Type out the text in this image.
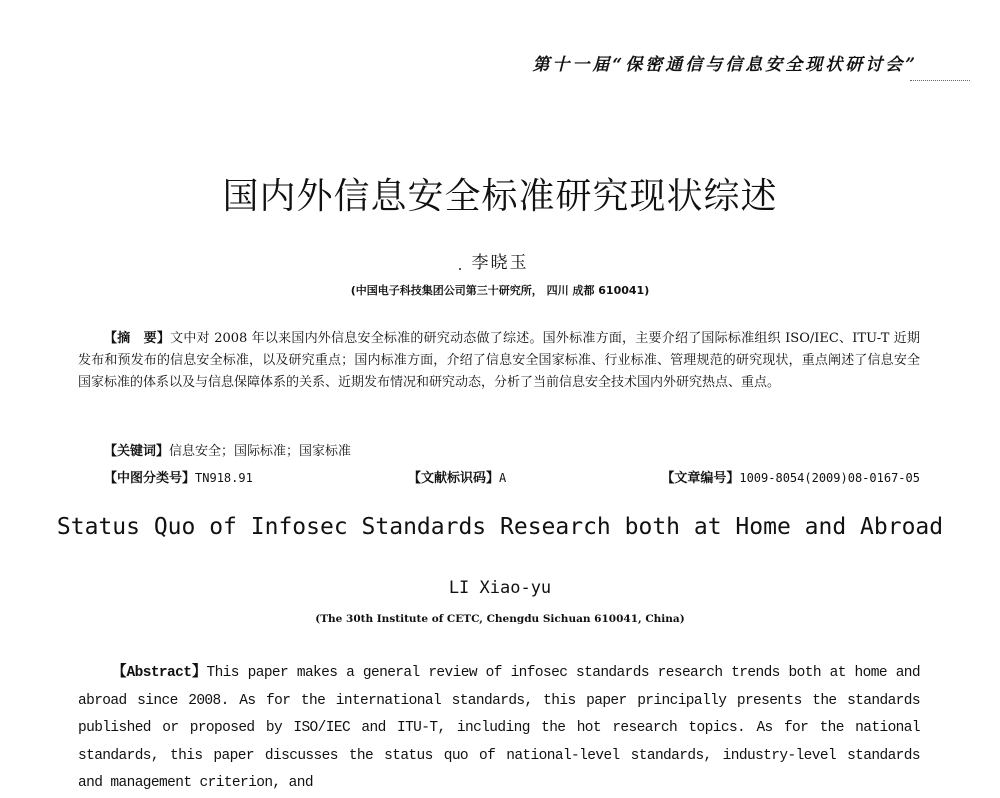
第十一届“保密通信与信息安全现状研讨会”
国内外信息安全标准研究现状综述
李晓玉
(中国电子科技集团公司第三十研究所， 四川 成都 610041)
【摘　要】文中对 2008 年以来国内外信息安全标准的研究动态做了综述。国外标准方面，主要介绍了国际标准组织 ISO/IEC、ITU-T 近期发布和预发布的信息安全标准，以及研究重点；国内标准方面，介绍了信息安全国家标准、行业标准、管理规范的研究现状，重点阐述了信息安全国家标准的体系以及与信息保障体系的关系、近期发布情况和研究动态，分析了当前信息安全技术国内外研究热点、重点。
【关键词】信息安全；国际标准；国家标准
【中图分类号】TN918.91	【文献标识码】A	【文章编号】1009-8054(2009)08-0167-05
Status Quo of Infosec Standards Research both at Home and Abroad
LI Xiao-yu
(The 30th Institute of CETC, Chengdu Sichuan 610041, China)
【Abstract】This paper makes a general review of infosec standards research trends both at home and abroad since 2008. As for the international standards, this paper principally presents the standards published or proposed by ISO/IEC and ITU-T, including the hot research topics. As for the national standards, this paper discusses the status quo of national-level standards, industry-level standards and management criterion, and
